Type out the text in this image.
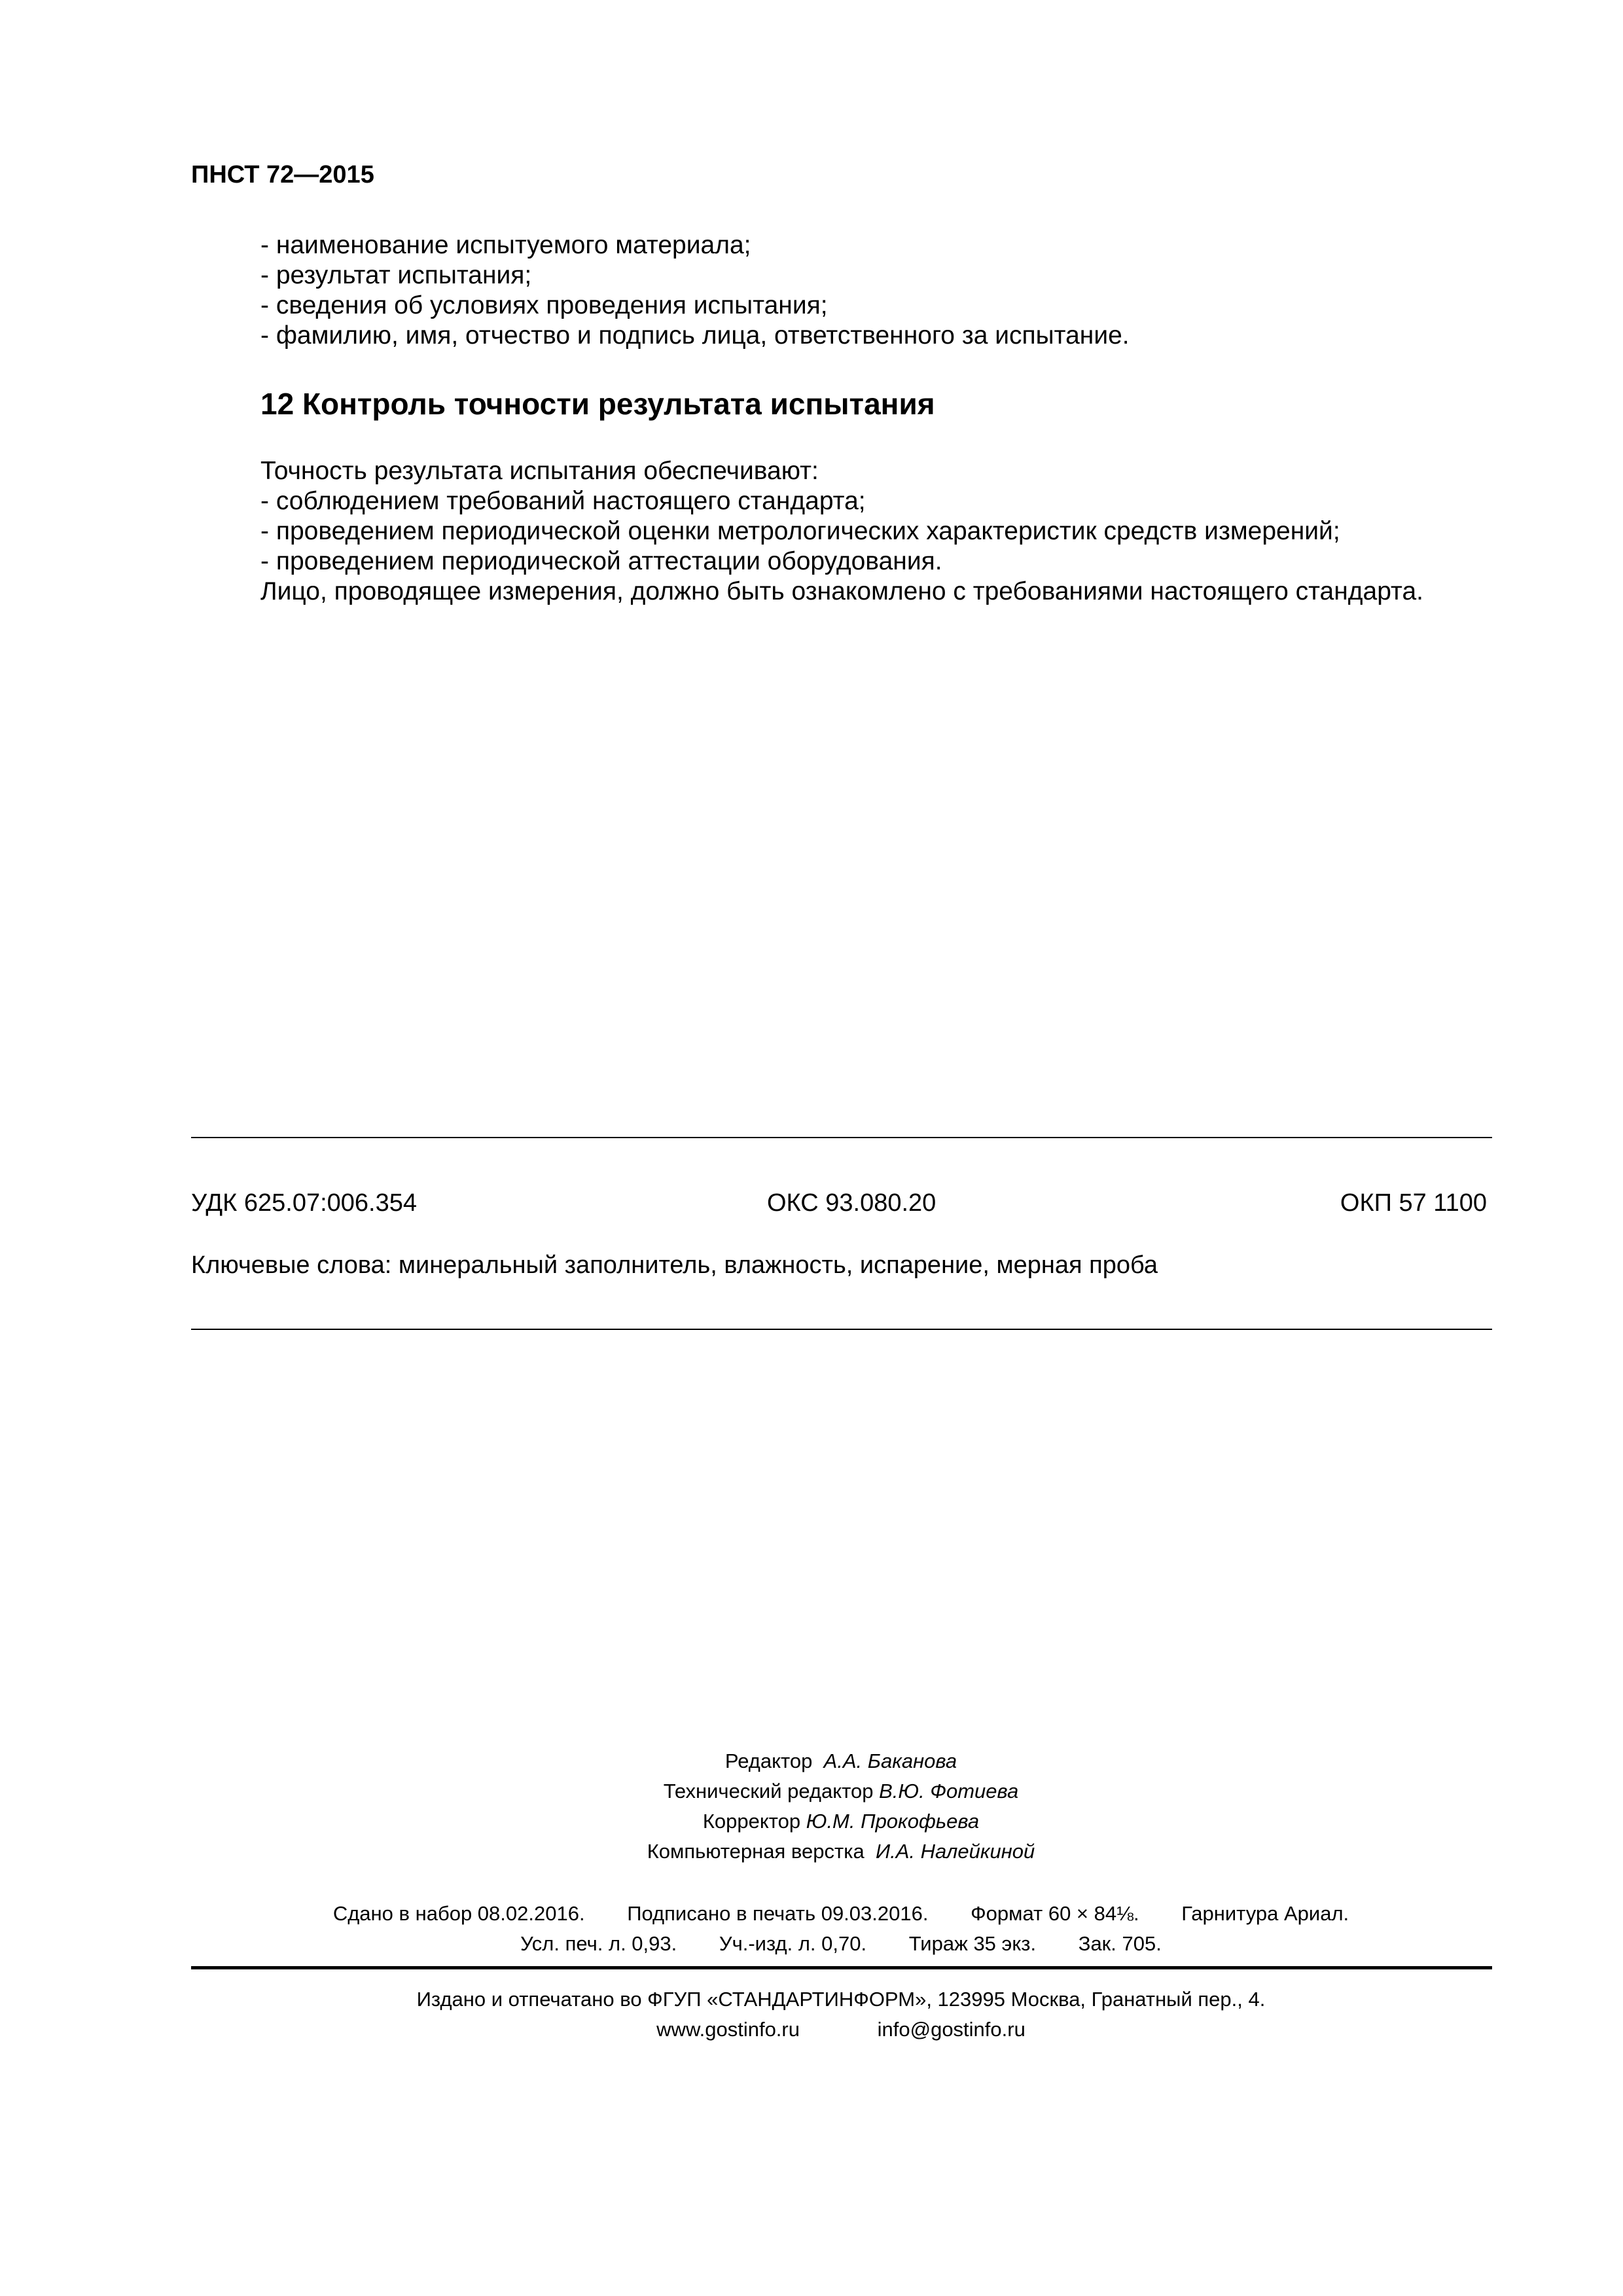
ПНСТ 72—2015
- наименование испытуемого материала;
- результат испытания;
- сведения об условиях проведения испытания;
- фамилию, имя, отчество и подпись лица, ответственного за испытание.
12 Контроль точности результата испытания
Точность результата испытания обеспечивают:
- соблюдением требований настоящего стандарта;
- проведением периодической оценки метрологических характеристик средств измерений;
- проведением периодической аттестации оборудования.
Лицо, проводящее измерения, должно быть ознакомлено с требованиями настоящего стандарта.
УДК 625.07:006.354	ОКС 93.080.20	ОКП 57 1100
Ключевые слова: минеральный заполнитель, влажность, испарение, мерная проба
Редактор А.А. Баканова
Технический редактор В.Ю. Фотиева
Корректор Ю.М. Прокофьева
Компьютерная верстка И.А. Налейкиной
Сдано в набор 08.02.2016. Подписано в печать 09.03.2016. Формат 60 × 84⅛. Гарнитура Ариал.
Усл. печ. л. 0,93. Уч.-изд. л. 0,70. Тираж 35 экз. Зак. 705.
Издано и отпечатано во ФГУП «СТАНДАРТИНФОРМ», 123995 Москва, Гранатный пер., 4.
www.gostinfo.ru	info@gostinfo.ru
